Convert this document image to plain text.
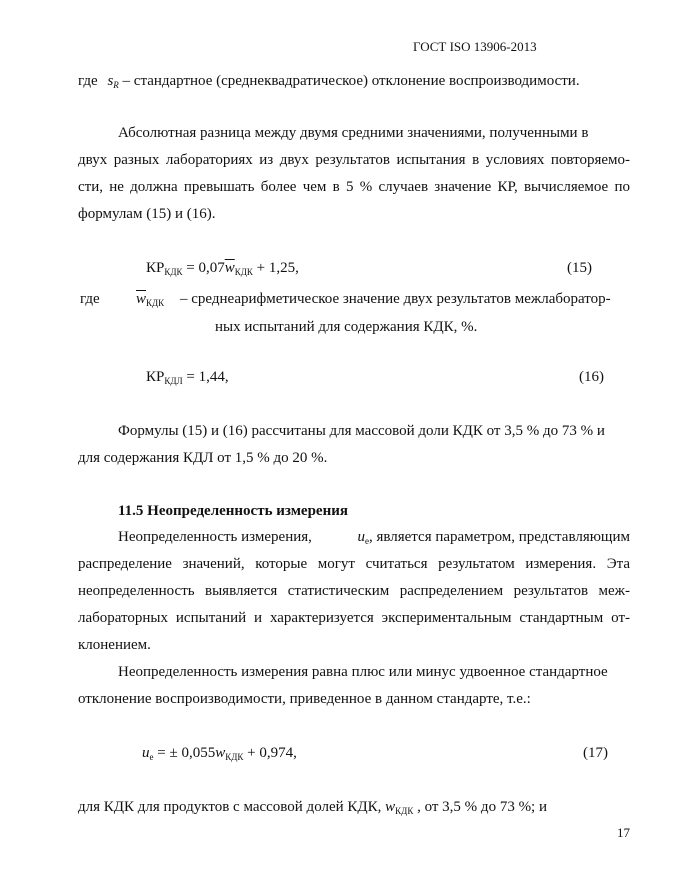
ГОСТ ISO 13906-2013
где $s_R$ – стандартное (среднеквадратическое) отклонение воспроизводимости.
Абсолютная разница между двумя средними значениями, полученными в
двух разных лабораториях из двух результатов испытания в условиях повторяемо-
сти, не должна превышать более чем в 5 % случаев значение КР, вычисляемое по
формулам (15) и (16).
$КР_{КДК} = 0,07\overline{w}_{КДК} + 1,25$,	(15)
где $\overline{w}_{КДК}$ – среднеарифметическое значение двух результатов межлаборатор-
ных испытаний для содержания КДК, %.
$КР_{КДЛ} = 1,44$,	(16)
Формулы (15) и (16) рассчитаны для массовой доли КДК от 3,5 % до 73 % и
для содержания КДЛ от 1,5 % до 20 %.
11.5 Неопределенность измерения
Неопределенность измерения,	$u_e$, является параметром, представляющим
распределение значений, которые могут считаться результатом измерения. Эта
неопределенность выявляется статистическим распределением результатов меж-
лабораторных испытаний и характеризуется экспериментальным стандартным от-
клонением.
Неопределенность измерения равна плюс или минус удвоенное стандартное
отклонение воспроизводимости, приведенное в данном стандарте, т.е.:
$u_e$ = ± $0,055w_{КДК} + 0,974$,	(17)
для КДК для продуктов с массовой долей КДК, $w_{КДК}$ , от 3,5 % до 73 %; и
17
